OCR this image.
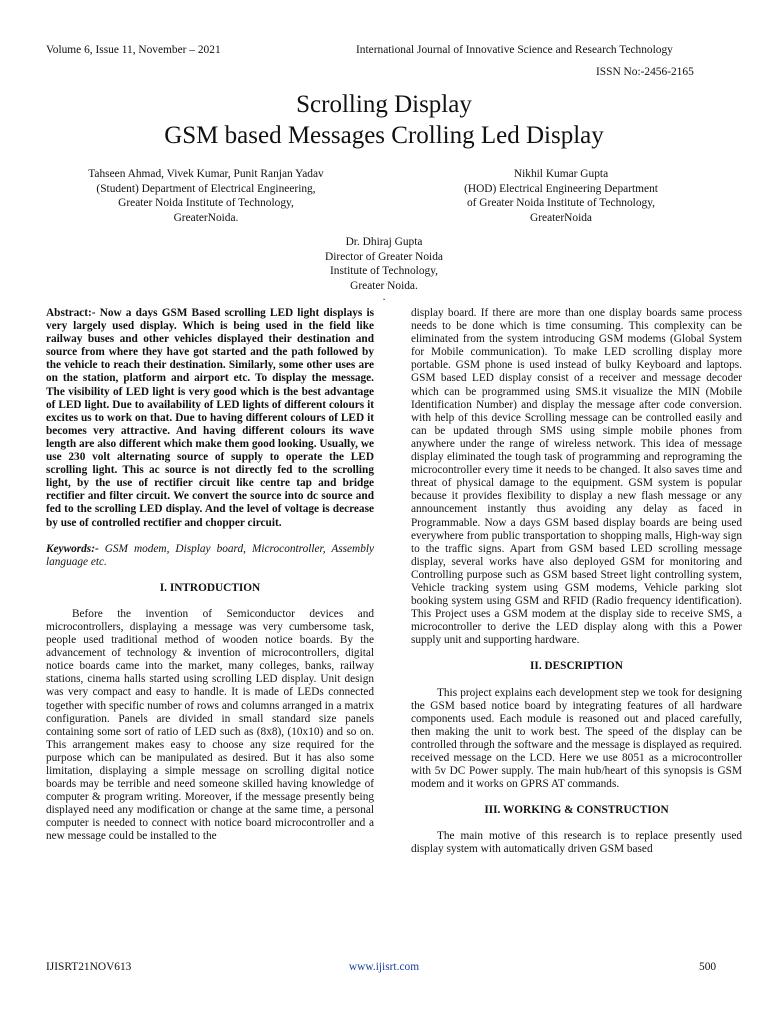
Volume 6, Issue 11, November – 2021	International Journal of Innovative Science and Research Technology
ISSN No:-2456-2165
Scrolling Display
GSM based Messages Crolling Led Display
Tahseen Ahmad, Vivek Kumar, Punit Ranjan Yadav
(Student) Department of Electrical Engineering,
Greater Noida Institute of Technology,
GreaterNoida.
Nikhil Kumar Gupta
(HOD) Electrical Engineering Department
of Greater Noida Institute of Technology,
GreaterNoida
Dr. Dhiraj Gupta
Director of Greater Noida
Institute of Technology,
Greater Noida.
.

Abstract:- Now a days GSM Based scrolling LED light displays is very largely used display. Which is being used in the field like railway buses and other vehicles displayed their destination and source from where they have got started and the path followed by the vehicle to reach their destination. Similarly, some other uses are on the station, platform and airport etc. To display the message. The visibility of LED light is very good which is the best advantage of LED light. Due to availability of LED lights of different colours it excites us to work on that. Due to having different colours of LED it becomes very attractive. And having different colours its wave length are also different which make them good looking. Usually, we use 230 volt alternating source of supply to operate the LED scrolling light. This ac source is not directly fed to the scrolling light, by the use of rectifier circuit like centre tap and bridge rectifier and filter circuit. We convert the source into dc source and fed to the scrolling LED display. And the level of voltage is decrease by use of controlled rectifier and chopper circuit.

Keywords:- GSM modem, Display board, Microcontroller, Assembly language etc.

I. INTRODUCTION

Before the invention of Semiconductor devices and microcontrollers, displaying a message was very cumbersome task, people used traditional method of wooden notice boards. By the advancement of technology & invention of microcontrollers, digital notice boards came into the market, many colleges, banks, railway stations, cinema halls started using scrolling LED display. Unit design was very compact and easy to handle. It is made of LEDs connected together with specific number of rows and columns arranged in a matrix configuration. Panels are divided in small standard size panels containing some sort of ratio of LED such as (8x8), (10x10) and so on. This arrangement makes easy to choose any size required for the purpose which can be manipulated as desired. But it has also some limitation, displaying a simple message on scrolling digital notice boards may be terrible and need someone skilled having knowledge of computer & program writing. Moreover, if the message presently being displayed need any modification or change at the same time, a personal computer is needed to connect with notice board microcontroller and a new message could be installed to the

display board. If there are more than one display boards same process needs to be done which is time consuming. This complexity can be eliminated from the system introducing GSM modems (Global System for Mobile communication). To make LED scrolling display more portable. GSM phone is used instead of bulky Keyboard and laptops. GSM based LED display consist of a receiver and message decoder which can be programmed using SMS.it visualize the MIN (Mobile Identification Number) and display the message after code conversion. with help of this device Scrolling message can be controlled easily and can be updated through SMS using simple mobile phones from anywhere under the range of wireless network. This idea of message display eliminated the tough task of programming and reprograming the microcontroller every time it needs to be changed. It also saves time and threat of physical damage to the equipment. GSM system is popular because it provides flexibility to display a new flash message or any announcement instantly thus avoiding any delay as faced in Programmable. Now a days GSM based display boards are being used everywhere from public transportation to shopping malls, High-way sign to the traffic signs. Apart from GSM based LED scrolling message display, several works have also deployed GSM for monitoring and Controlling purpose such as GSM based Street light controlling system, Vehicle tracking system using GSM modems, Vehicle parking slot booking system using GSM and RFID (Radio frequency identification). This Project uses a GSM modem at the display side to receive SMS, a microcontroller to derive the LED display along with this a Power supply unit and supporting hardware.

II. DESCRIPTION

This project explains each development step we took for designing the GSM based notice board by integrating features of all hardware components used. Each module is reasoned out and placed carefully, then making the unit to work best. The speed of the display can be controlled through the software and the message is displayed as required. received message on the LCD. Here we use 8051 as a microcontroller with 5v DC Power supply. The main hub/heart of this synopsis is GSM modem and it works on GPRS AT commands.

III. WORKING & CONSTRUCTION

The main motive of this research is to replace presently used display system with automatically driven GSM based

IJISRT21NOV613	www.ijisrt.com	500
